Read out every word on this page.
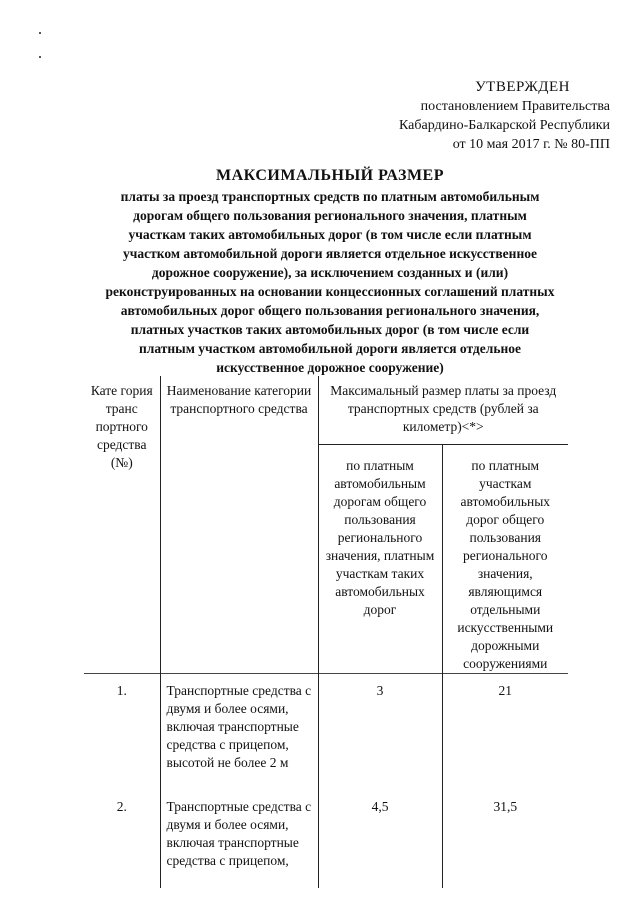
УТВЕРЖДЕН
постановлением Правительства
Кабардино-Балкарской Республики
от 10 мая 2017 г. № 80-ПП
МАКСИМАЛЬНЫЙ РАЗМЕР
платы за проезд транспортных средств по платным автомобильным
дорогам общего пользования регионального значения, платным
участкам таких автомобильных дорог (в том числе если платным
участком автомобильной дороги является отдельное искусственное
дорожное сооружение), за исключением созданных и (или)
реконструированных на основании концессионных соглашений платных
автомобильных дорог общего пользования регионального значения,
платных участков таких автомобильных дорог (в том числе если
платным участком автомобильной дороги является отдельное
искусственное дорожное сооружение)
Кате гория транс портного средства (№)	Наименование категории транспортного средства	Максимальный размер платы за проезд транспортных средств (рублей за километр)<*>	
		по платным автомобильным дорогам общего пользования регионального значения, платным участкам таких автомобильных дорог	по платным участкам автомобильных дорог общего пользования регионального значения, являющимся отдельными искусственными дорожными сооружениями
1.	Транспортные средства с двумя и более осями, включая транспортные средства с прицепом, высотой не более 2 м	3	21
2.	Транспортные средства с двумя и более осями, включая транспортные средства с прицепом,	4,5	31,5
